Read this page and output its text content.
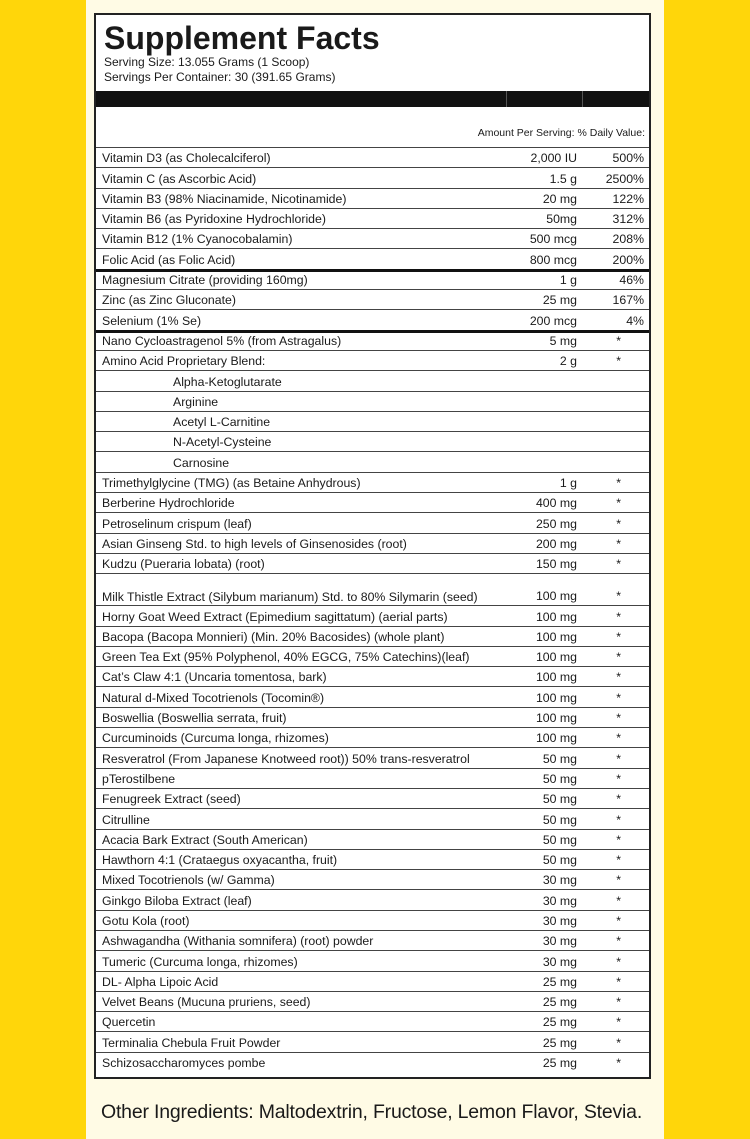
Supplement Facts
Serving Size: 13.055 Grams (1 Scoop)
Servings Per Container: 30 (391.65 Grams)
Amount Per Serving: % Daily Value:
Vitamin D3 (as Cholecalciferol)	2,000 IU	500%
Vitamin C (as Ascorbic Acid)	1.5 g 2500%
Vitamin B3 (98% Niacinamide, Nicotinamide)	20 mg	122%
Vitamin B6 (as Pyridoxine Hydrochloride)	50mg	312%
Vitamin B12 (1% Cyanocobalamin)	500 mcg	208%
Folic Acid (as Folic Acid)	800 mcg	200%
Magnesium Citrate (providing 160mg)	1 g	46%
Zinc (as Zinc Gluconate)	25 mg	167%
Selenium (1% Se)	200 mcg	4%
Nano Cycloastragenol 5% (from Astragalus)	5 mg	*
Amino Acid Proprietary Blend:	2 g	*
Alpha-Ketoglutarate
Arginine
Acetyl L-Carnitine
N-Acetyl-Cysteine
Carnosine
Trimethylglycine (TMG) (as Betaine Anhydrous)	1 g	*
Berberine Hydrochloride	400 mg	*
Petroselinum crispum (leaf)	250 mg	*
Asian Ginseng Std. to high levels of Ginsenosides (root)	200 mg	*
Kudzu (Pueraria lobata) (root)	150 mg	*
Milk Thistle Extract (Silybum marianum) Std. to 80% Silymarin (seed)	100 mg	*
Horny Goat Weed Extract (Epimedium sagittatum) (aerial parts)	100 mg	*
Bacopa (Bacopa Monnieri) (Min. 20% Bacosides) (whole plant)	100 mg	*
Green Tea Ext (95% Polyphenol, 40% EGCG, 75% Catechins)(leaf)	100 mg	*
Cat’s Claw 4:1 (Uncaria tomentosa, bark)	100 mg	*
Natural d-Mixed Tocotrienols (Tocomin®)	100 mg	*
Boswellia (Boswellia serrata, fruit)	100 mg	*
Curcuminoids (Curcuma longa, rhizomes)	100 mg	*
Resveratrol (From Japanese Knotweed root)) 50% trans-resveratrol	50 mg	*
pTerostilbene	50 mg	*
Fenugreek Extract (seed)	50 mg	*
Citrulline	50 mg	*
Acacia Bark Extract (South American)	50 mg	*
Hawthorn 4:1 (Crataegus oxyacantha, fruit)	50 mg	*
Mixed Tocotrienols (w/ Gamma)	30 mg	*
Ginkgo Biloba Extract (leaf)	30 mg	*
Gotu Kola (root)	30 mg	*
Ashwagandha (Withania somnifera) (root) powder	30 mg	*
Tumeric (Curcuma longa, rhizomes)	30 mg	*
DL- Alpha Lipoic Acid	25 mg	*
Velvet Beans (Mucuna pruriens, seed)	25 mg	*
Quercetin	25 mg	*
Terminalia Chebula Fruit Powder	25 mg	*
Schizosaccharomyces pombe	25 mg	*
Other Ingredients: Maltodextrin, Fructose, Lemon Flavor, Stevia.
